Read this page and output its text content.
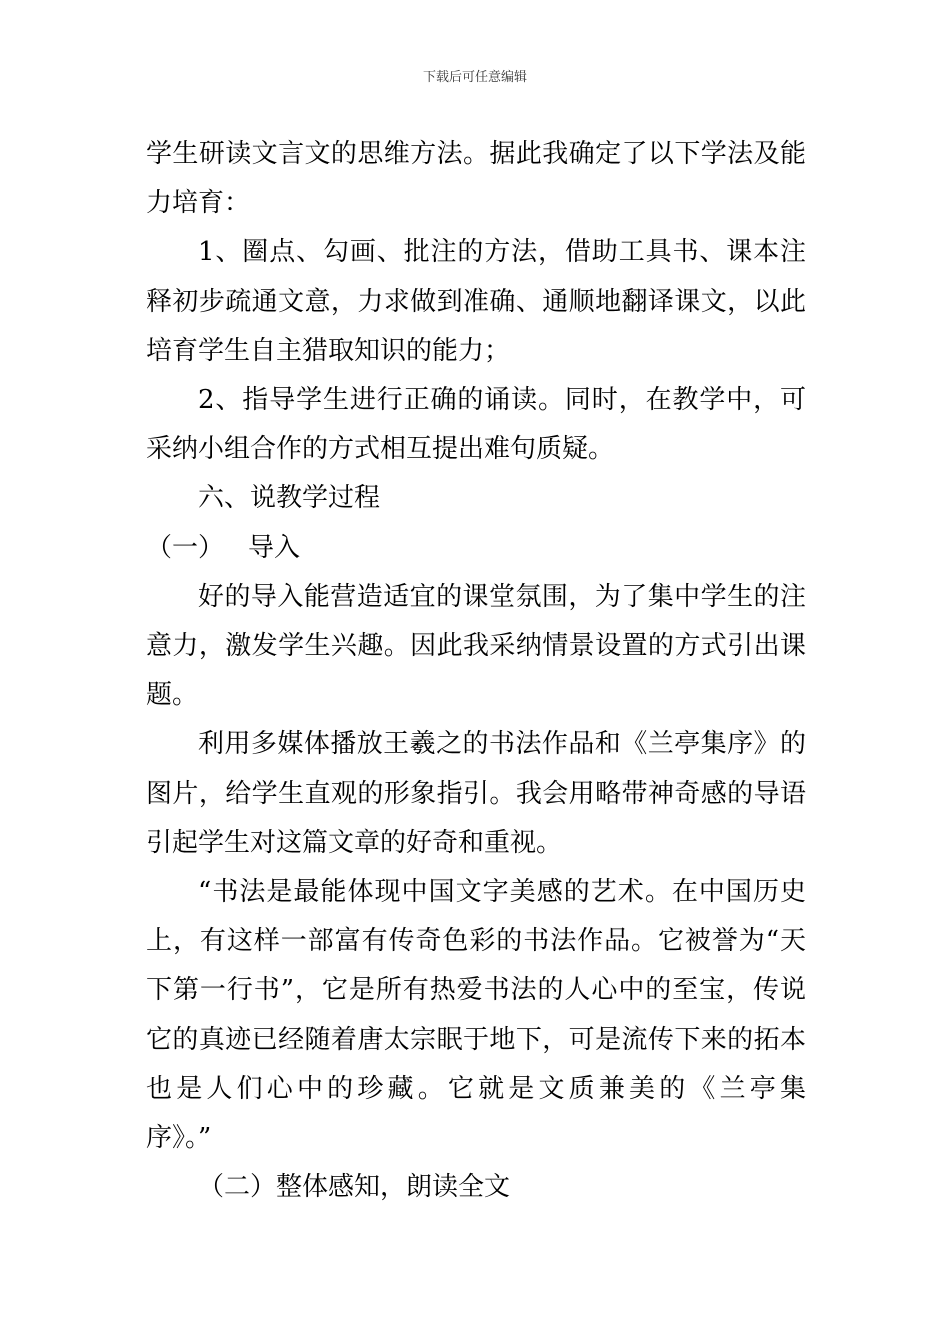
下载后可任意编辑

学生研读文言文的思维方法。据此我确定了以下学法及能力培育：

1、圈点、勾画、批注的方法，借助工具书、课本注释初步疏通文意，力求做到准确、通顺地翻译课文，以此培育学生自主猎取知识的能力；

2、指导学生进行正确的诵读。同时，在教学中，可采纳小组合作的方式相互提出难句质疑。

六、说教学过程

（一） 导入

好的导入能营造适宜的课堂氛围，为了集中学生的注意力，激发学生兴趣。因此我采纳情景设置的方式引出课题。

利用多媒体播放王羲之的书法作品和《兰亭集序》的图片，给学生直观的形象指引。我会用略带神奇感的导语引起学生对这篇文章的好奇和重视。

“书法是最能体现中国文字美感的艺术。在中国历史上，有这样一部富有传奇色彩的书法作品。它被誉为“天下第一行书”，它是所有热爱书法的人心中的至宝，传说它的真迹已经随着唐太宗眠于地下，可是流传下来的拓本也是人们心中的珍藏。它就是文质兼美的《兰亭集

序》。”

（二）整体感知，朗读全文
